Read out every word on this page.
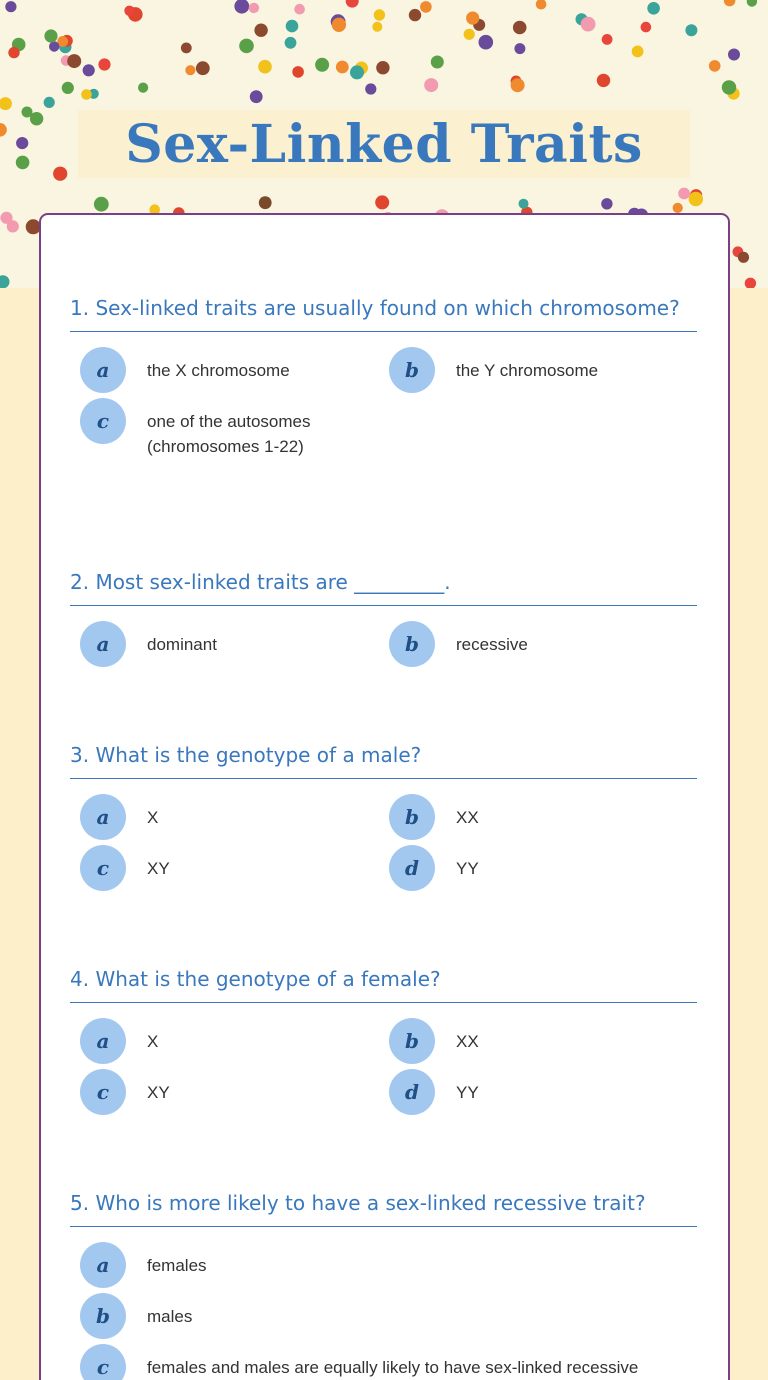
Sex-Linked Traits
1. Sex-linked traits are usually found on which chromosome?
a	the X chromosome	b	the Y chromosome
c	one of the autosomes (chromosomes 1-22)
2. Most sex-linked traits are _________.
a	dominant	b	recessive
3. What is the genotype of a male?
a	X	b	XX
c	XY	d	YY
4. What is the genotype of a female?
a	X	b	XX
c	XY	d	YY
5. Who is more likely to have a sex-linked recessive trait?
a	females
b	males
c	females and males are equally likely to have sex-linked recessive
